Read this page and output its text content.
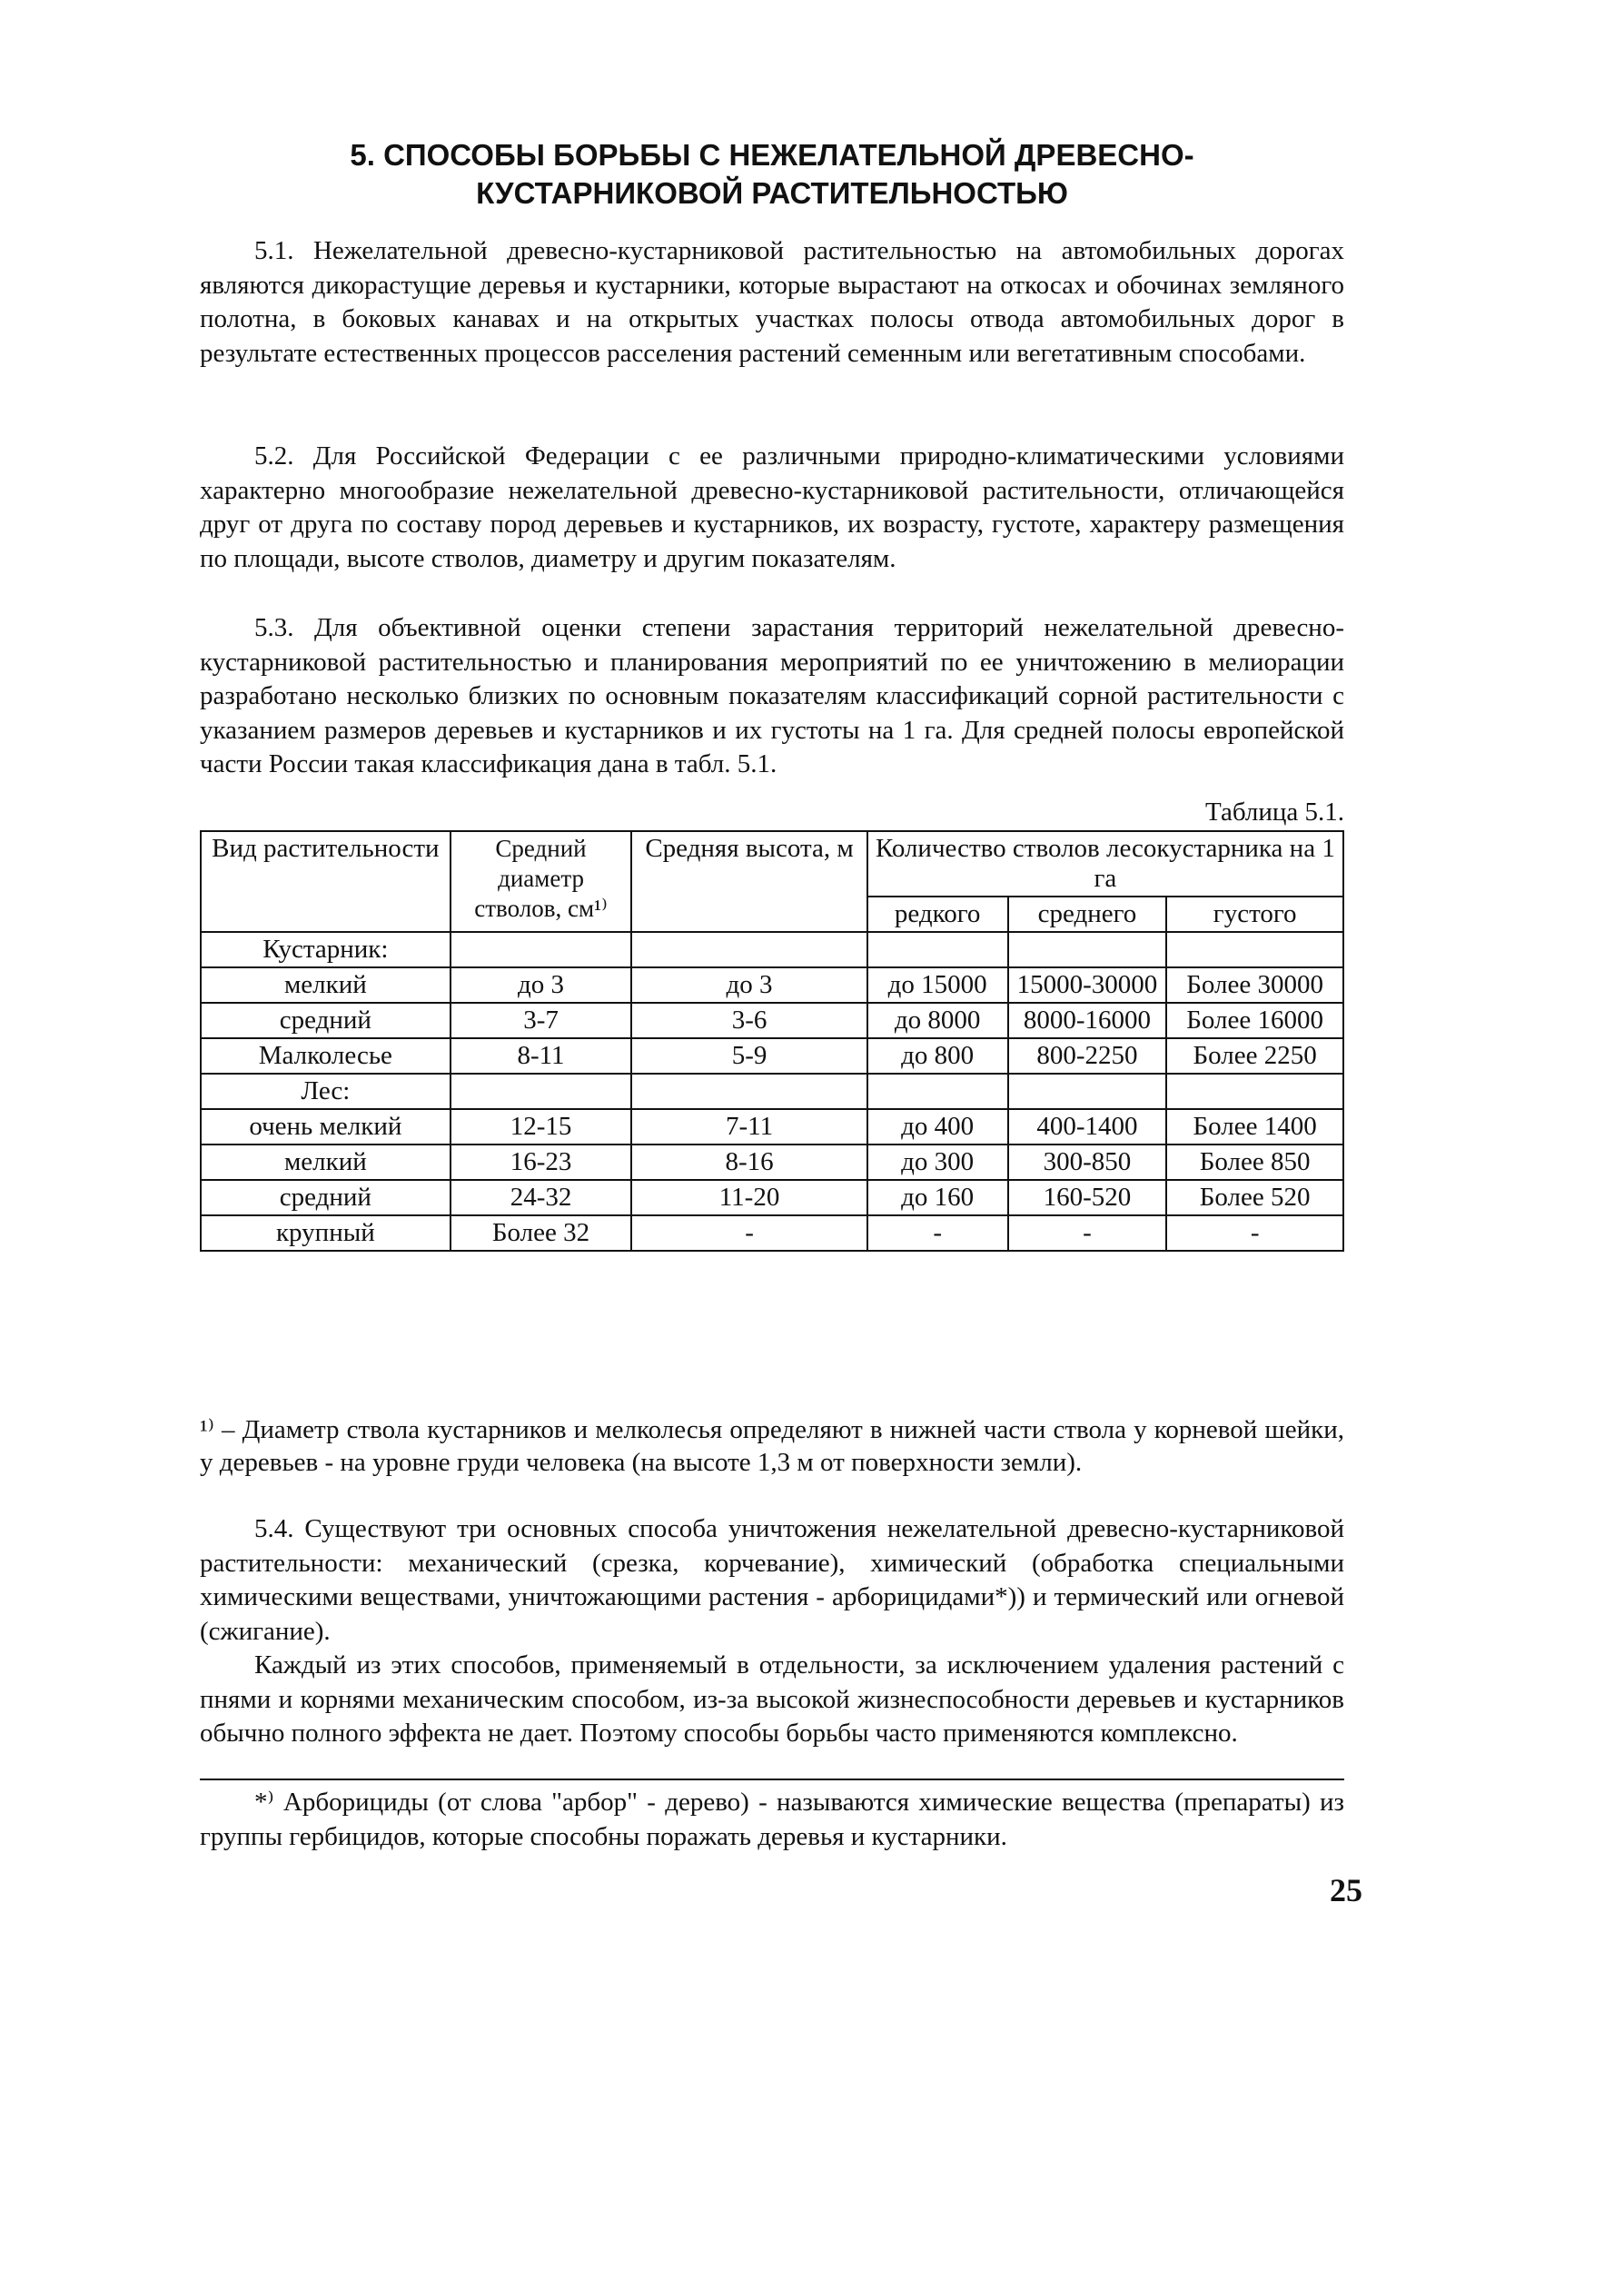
5. СПОСОБЫ БОРЬБЫ С НЕЖЕЛАТЕЛЬНОЙ ДРЕВЕСНО-
КУСТАРНИКОВОЙ РАСТИТЕЛЬНОСТЬЮ

5.1. Нежелательной древесно-кустарниковой растительностью на автомобильных дорогах являются дикорастущие деревья и кустарники, которые вырастают на откосах и обочинах земляного полотна, в боковых канавах и на открытых участках полосы отвода автомобильных дорог в результате естественных процессов расселения растений семенным или вегетативным способами.

5.2. Для Российской Федерации с ее различными природно-климатическими условиями характерно многообразие нежелательной древесно-кустарниковой растительности, отличающейся друг от друга по составу пород деревьев и кустарников, их возрасту, густоте, характеру размещения по площади, высоте стволов, диаметру и другим показателям.

5.3. Для объективной оценки степени зарастания территорий нежелательной древесно-кустарниковой растительностью и планирования мероприятий по ее уничтожению в мелиорации разработано несколько близких по основным показателям классификаций сорной растительности с указанием размеров деревьев и кустарников и их густоты на 1 га. Для средней полосы европейской части России такая классификация дана в табл. 5.1.

Таблица 5.1.
Вид растительности	Средний
диаметр
стволов, см¹⁾	Средняя высота, м	Количество стволов лесокустарника на 1 га		
			редкого	среднего	густого
Кустарник:					
мелкий	до 3	до 3	до 15000	15000-30000	Более 30000
средний	3-7	3-6	до 8000	8000-16000	Более 16000
Малколесье	8-11	5-9	до 800	800-2250	Более 2250
Лес:					
очень мелкий	12-15	7-11	до 400	400-1400	Более 1400
мелкий	16-23	8-16	до 300	300-850	Более 850
средний	24-32	11-20	до 160	160-520	Более 520
крупный	Более 32	-	-	-	-

¹⁾ – Диаметр ствола кустарников и мелколесья определяют в нижней части ствола у корневой шейки, у деревьев - на уровне груди человека (на высоте 1,3 м от поверхности земли).

5.4. Существуют три основных способа уничтожения нежелательной древесно-кустарниковой растительности: механический (срезка, корчевание), химический (обработка специальными химическими веществами, уничтожающими растения - арборицидами*)) и термический или огневой (сжигание).

Каждый из этих способов, применяемый в отдельности, за исключением удаления растений с пнями и корнями механическим способом, из-за высокой жизнеспособности деревьев и кустарников обычно полного эффекта не дает. Поэтому способы борьбы часто применяются комплексно.

*⁾ Арборициды (от слова "арбор" - дерево) - называются химические вещества (препараты) из группы гербицидов, которые способны поражать деревья и кустарники.

25
